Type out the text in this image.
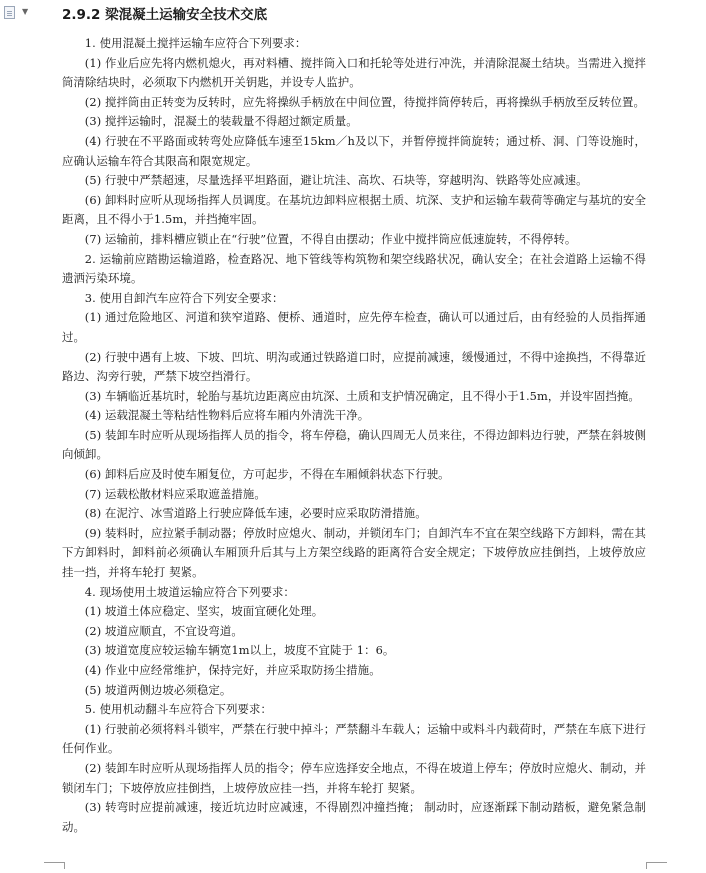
▼	2.9.2 梁混凝土运输安全技术交底

1. 使用混凝土搅拌运输车应符合下列要求：

(1) 作业后应先将内燃机熄火，再对料槽、搅拌筒入口和托轮等处进行冲洗，并清除混凝土结块。当需进入搅拌筒清除结块时，必须取下内燃机开关钥匙，并设专人监护。

(2) 搅拌筒由正转变为反转时，应先将操纵手柄放在中间位置，待搅拌筒停转后，再将操纵手柄放至反转位置。

(3) 搅拌运输时，混凝土的装载量不得超过额定质量。

(4) 行驶在不平路面或转弯处应降低车速至15km／h及以下，并暂停搅拌筒旋转；通过桥、洞、门等设施时，应确认运输车符合其限高和限宽规定。

(5) 行驶中严禁超速，尽量选择平坦路面，避让坑洼、高坎、石块等，穿越明沟、铁路等处应减速。

(6) 卸料时应听从现场指挥人员调度。在基坑边卸料应根据土质、坑深、支护和运输车载荷等确定与基坑的安全距离，且不得小于1.5m，并挡掩牢固。

(7) 运输前，排料槽应锁止在“行驶”位置，不得自由摆动；作业中搅拌筒应低速旋转，不得停转。

2. 运输前应踏勘运输道路，检查路况、地下管线等构筑物和架空线路状况，确认安全；在社会道路上运输不得遗洒污染环境。

3. 使用自卸汽车应符合下列安全要求：

(1) 通过危险地区、河道和狭窄道路、便桥、通道时，应先停车检查，确认可以通过后，由有经验的人员指挥通过。

(2) 行驶中遇有上坡、下坡、凹坑、明沟或通过铁路道口时，应提前减速，缓慢通过，不得中途换挡，不得靠近路边、沟旁行驶，严禁下坡空挡滑行。

(3) 车辆临近基坑时，轮胎与基坑边距离应由坑深、土质和支护情况确定，且不得小于1.5m，并设牢固挡掩。

(4) 运载混凝土等粘结性物料后应将车厢内外清洗干净。

(5) 装卸车时应听从现场指挥人员的指令，将车停稳，确认四周无人员来往，不得边卸料边行驶，严禁在斜坡侧向倾卸。

(6) 卸料后应及时使车厢复位，方可起步，不得在车厢倾斜状态下行驶。

(7) 运载松散材料应采取遮盖措施。

(8) 在泥泞、冰雪道路上行驶应降低车速，必要时应采取防滑措施。

(9) 装料时，应拉紧手制动器；停放时应熄火、制动，并锁闭车门；自卸汽车不宜在架空线路下方卸料，需在其下方卸料时，卸料前必须确认车厢顶升后其与上方架空线路的距离符合安全规定；下坡停放应挂倒挡，上坡停放应挂一挡，并将车轮打 契紧。

4. 现场使用土坡道运输应符合下列要求：

(1) 坡道土体应稳定、坚实，坡面宜硬化处理。

(2) 坡道应顺直，不宜设弯道。

(3) 坡道宽度应较运输车辆宽1m以上，坡度不宜陡于 1：6。

(4) 作业中应经常维护，保持完好，并应采取防扬尘措施。

(5) 坡道两侧边坡必须稳定。

5. 使用机动翻斗车应符合下列要求：

(1) 行驶前必须将料斗锁牢，严禁在行驶中掉斗；严禁翻斗车载人；运输中或料斗内载荷时，严禁在车底下进行任何作业。

(2) 装卸车时应听从现场指挥人员的指令；停车应选择安全地点，不得在坡道上停车；停放时应熄火、制动，并锁闭车门；下坡停放应挂倒挡，上坡停放应挂一挡，并将车轮打 契紧。

(3) 转弯时应提前减速，接近坑边时应减速，不得剧烈冲撞挡掩； 制动时，应逐渐踩下制动踏板，避免紧急制动。
